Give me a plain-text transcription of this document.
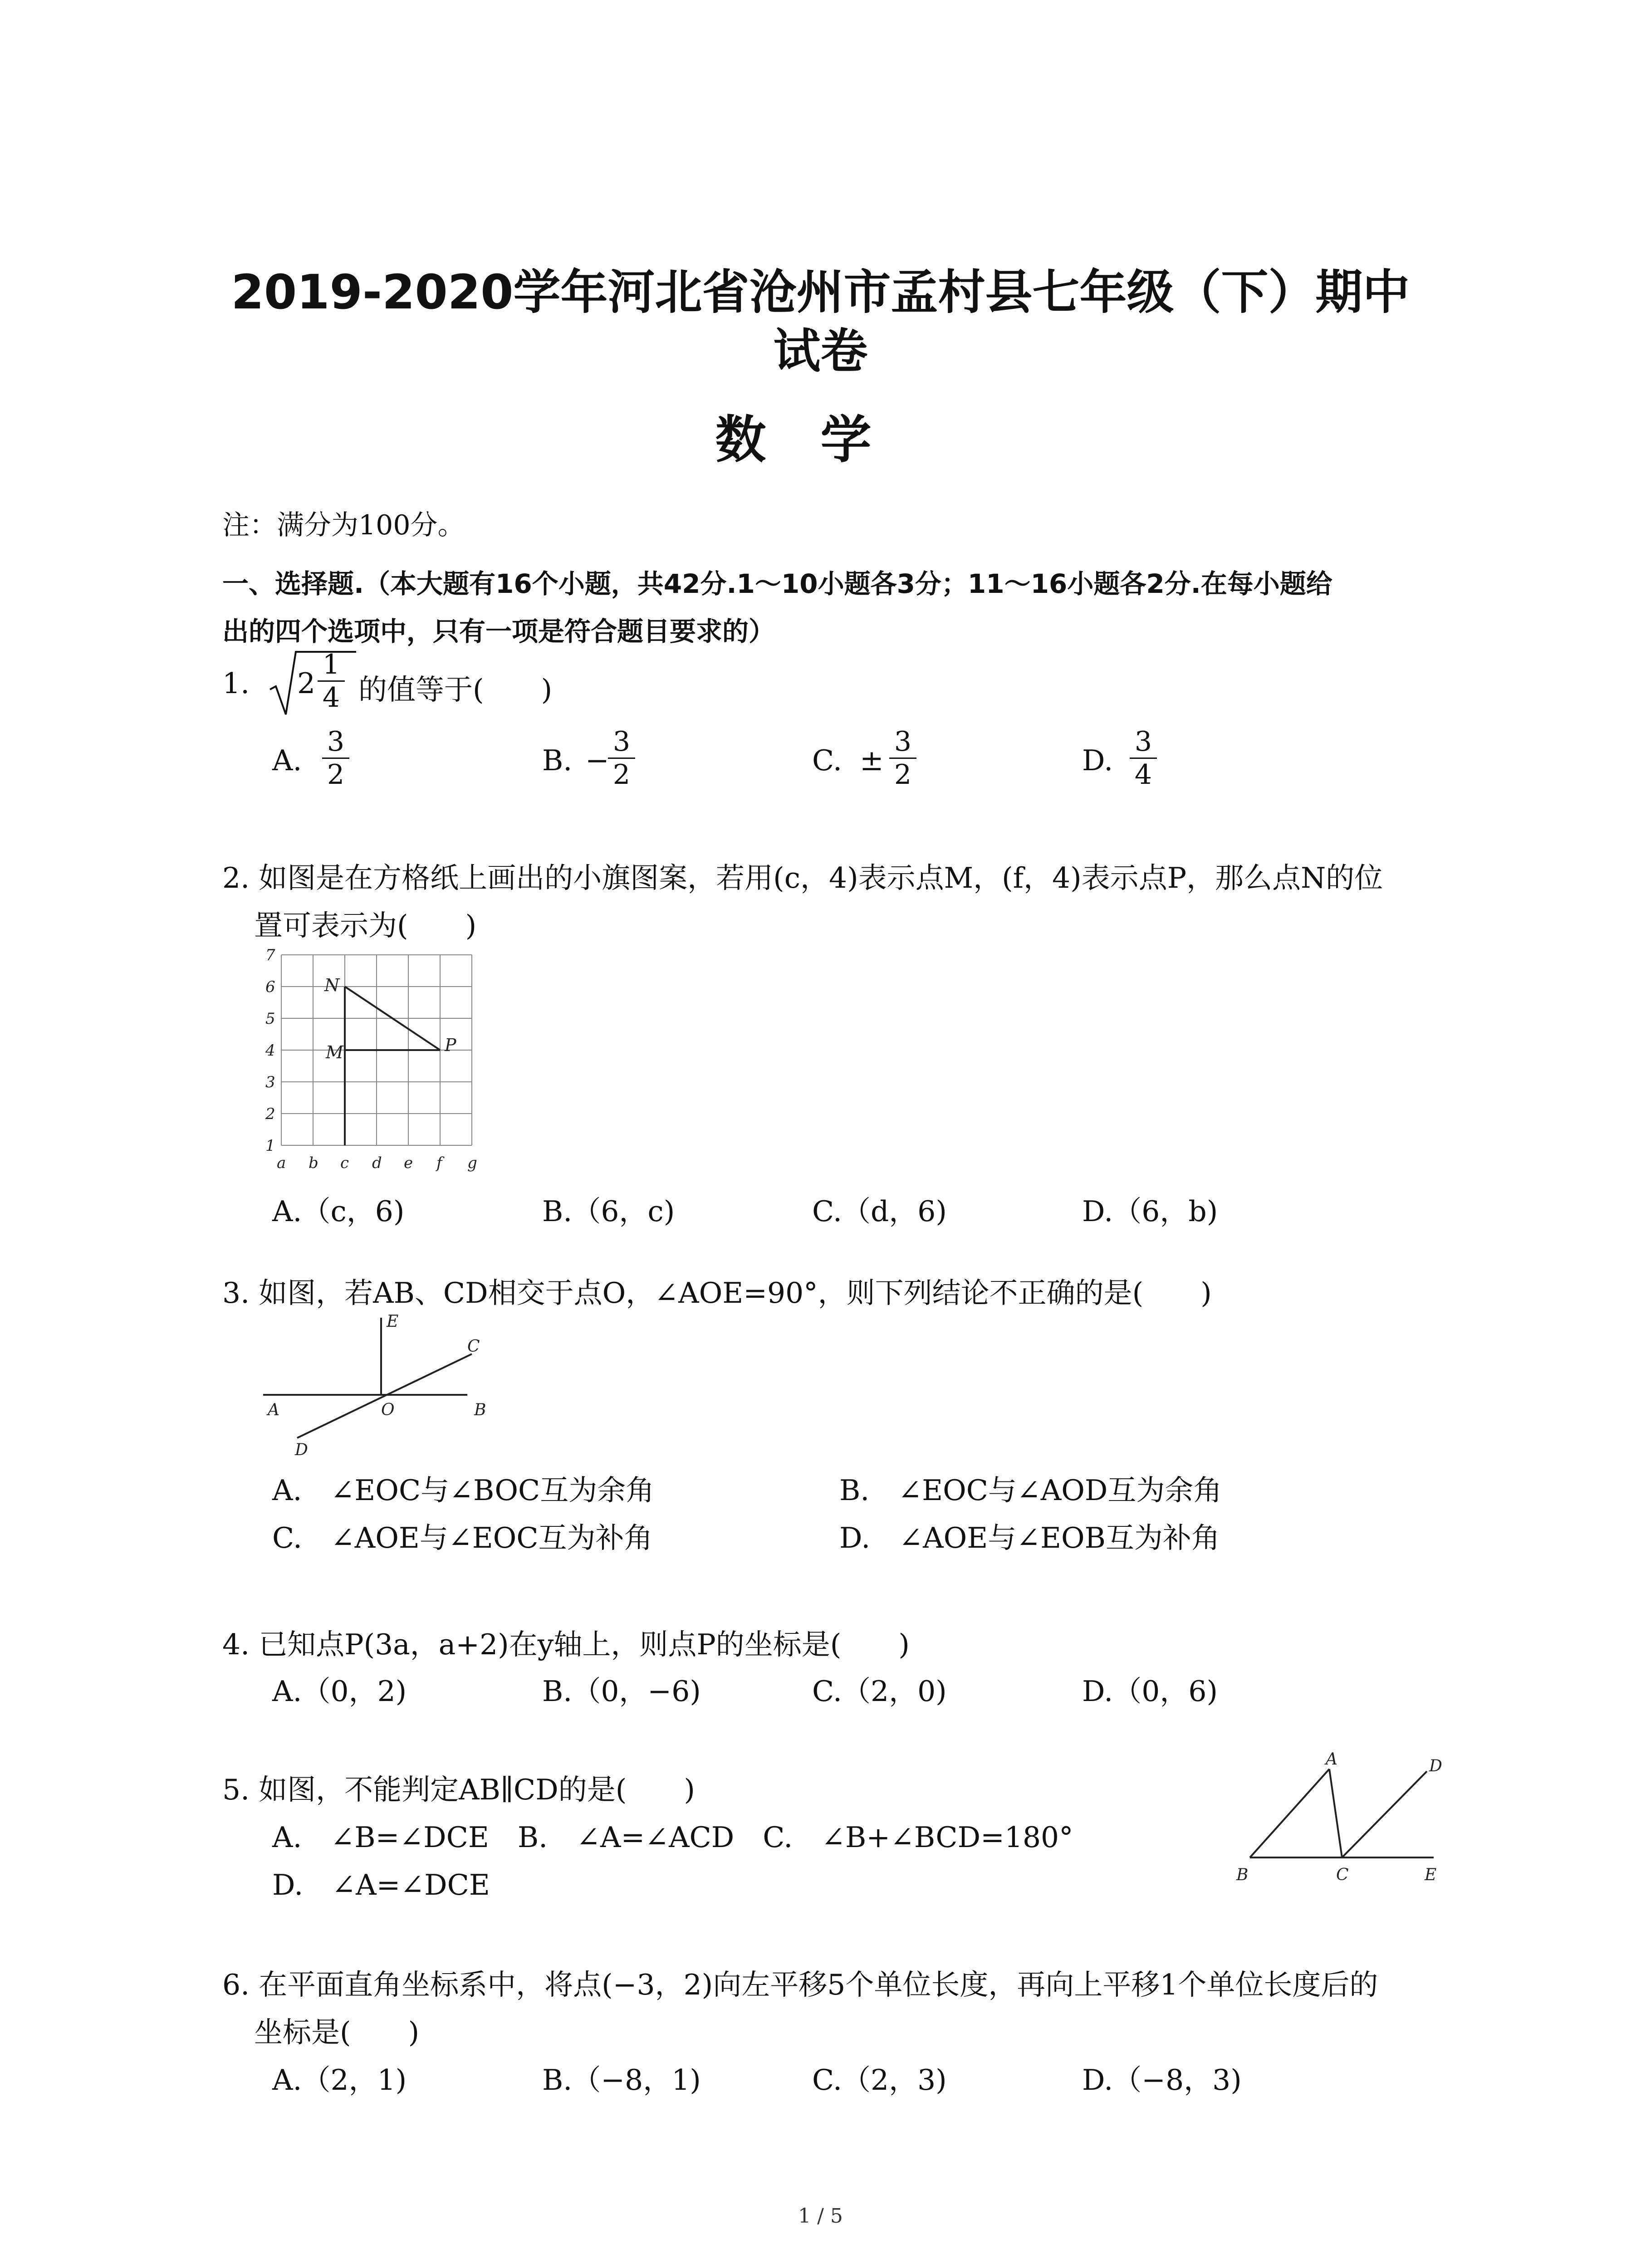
2019-2020学年河北省沧州市孟村县七年级（下）期中
试卷
数学
注：满分为100分。
一、选择题.（本大题有16个小题，共42分.1～10小题各3分；11～16小题各2分.在每小题给
出的四个选项中，只有一项是符合题目要求的）
1. 2
1
4 的值等于(　　)
A.
3
2	B. −
3
2	C. ±
3
2	D.
3
4
2. 如图是在方格纸上画出的小旗图案，若用(c，4)表示点M，(f，4)表示点P，那么点N的位
置可表示为(　　)
7
6
5
4
3
2
1
a b c d e f g
N
M	P
A.（c，6)	B.（6，c)	C.（d，6)	D.（6，b)
3. 如图，若AB、CD相交于点O，∠AOE=90°，则下列结论不正确的是(　　)
E
C
A	O	B
D
A.　∠EOC与∠BOC互为余角	B.　∠EOC与∠AOD互为余角
C.　∠AOE与∠EOC互为补角	D.　∠AOE与∠EOB互为补角
4. 已知点P(3a，a+2)在y轴上，则点P的坐标是(　　)
A.（0，2)	B.（0，−6)	C.（2，0)	D.（0，6)
5. 如图，不能判定AB∥CD的是(　　)
A.　∠B=∠DCE　B.　∠A=∠ACD　C.　∠B+∠BCD=180°
D.　∠A=∠DCE
A	D
B	C	E
6. 在平面直角坐标系中，将点(−3，2)向左平移5个单位长度，再向上平移1个单位长度后的
坐标是(　　)
A.（2，1)	B.（−8，1)	C.（2，3)	D.（−8，3)
1 / 5
